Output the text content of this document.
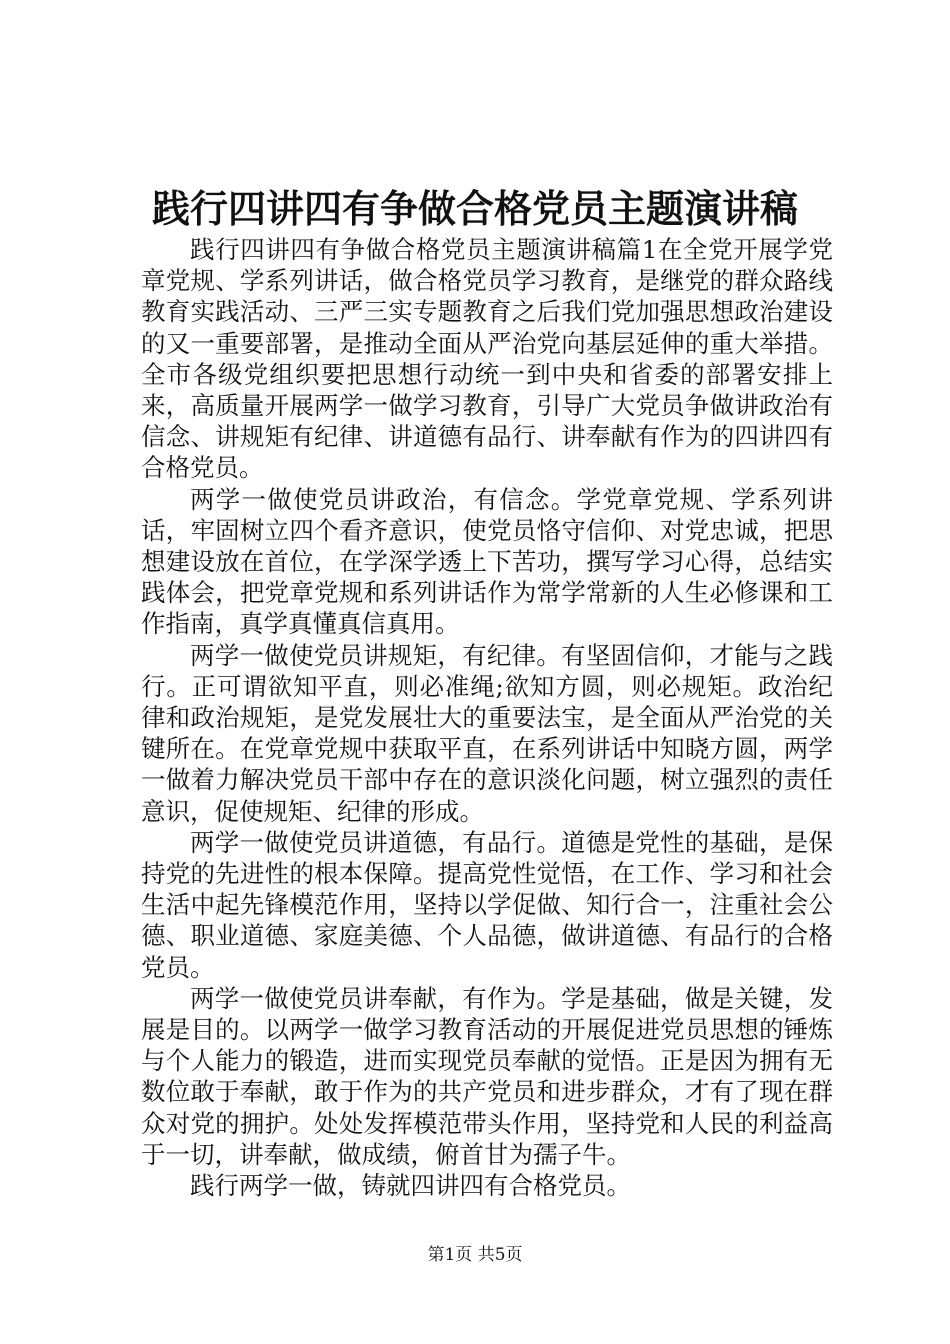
践行四讲四有争做合格党员主题演讲稿

践行四讲四有争做合格党员主题演讲稿篇1在全党开展学党章党规、学系列讲话，做合格党员学习教育，是继党的群众路线教育实践活动、三严三实专题教育之后我们党加强思想政治建设的又一重要部署，是推动全面从严治党向基层延伸的重大举措。全市各级党组织要把思想行动统一到中央和省委的部署安排上来，高质量开展两学一做学习教育，引导广大党员争做讲政治有信念、讲规矩有纪律、讲道德有品行、讲奉献有作为的四讲四有合格党员。

两学一做使党员讲政治，有信念。学党章党规、学系列讲话，牢固树立四个看齐意识，使党员恪守信仰、对党忠诚，把思想建设放在首位，在学深学透上下苦功，撰写学习心得，总结实践体会，把党章党规和系列讲话作为常学常新的人生必修课和工作指南，真学真懂真信真用。

两学一做使党员讲规矩，有纪律。有坚固信仰，才能与之践行。正可谓欲知平直，则必准绳;欲知方圆，则必规矩。政治纪律和政治规矩，是党发展壮大的重要法宝，是全面从严治党的关键所在。在党章党规中获取平直，在系列讲话中知晓方圆，两学一做着力解决党员干部中存在的意识淡化问题，树立强烈的责任意识，促使规矩、纪律的形成。

两学一做使党员讲道德，有品行。道德是党性的基础，是保持党的先进性的根本保障。提高党性觉悟，在工作、学习和社会生活中起先锋模范作用，坚持以学促做、知行合一，注重社会公德、职业道德、家庭美德、个人品德，做讲道德、有品行的合格党员。

两学一做使党员讲奉献，有作为。学是基础，做是关键，发展是目的。以两学一做学习教育活动的开展促进党员思想的锤炼与个人能力的锻造，进而实现党员奉献的觉悟。正是因为拥有无数位敢于奉献，敢于作为的共产党员和进步群众，才有了现在群众对党的拥护。处处发挥模范带头作用，坚持党和人民的利益高于一切，讲奉献，做成绩，俯首甘为孺子牛。

践行两学一做，铸就四讲四有合格党员。

第1页 共5页
